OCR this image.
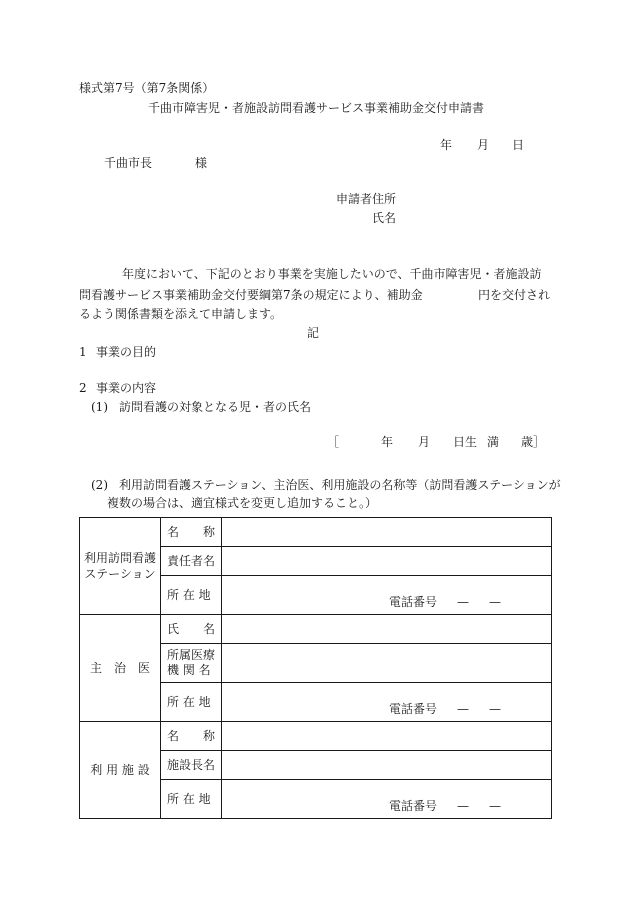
様式第7号（第7条関係）
千曲市障害児・者施設訪問看護サービス事業補助金交付申請書
年 月 日
千曲市長	様
申請者住所
氏名
年度において、下記のとおり事業を実施したいので、千曲市障害児・者施設訪
問看護サービス事業補助金交付要綱第7条の規定により、補助金	円を交付され
るよう関係書類を添えて申請します。
記
1 事業の目的
2 事業の内容
(1) 訪問看護の対象となる児・者の氏名
［	年 月 日生 満 歳］
(2) 利用訪問看護ステーション、主治医、利用施設の名称等（訪問看護ステーションが
複数の場合は、適宜様式を変更し追加すること。）
利用訪問看護
ステーション	名　　称	
	責任者名	
	所 在 地	電話番号 — —

主　治　医	氏　　名	

	所属医療
機 関 名	

	所 在 地	電話番号 — —

利 用 施 設	名　　称	
	施設長名	
	所 在 地	電話番号 — —
